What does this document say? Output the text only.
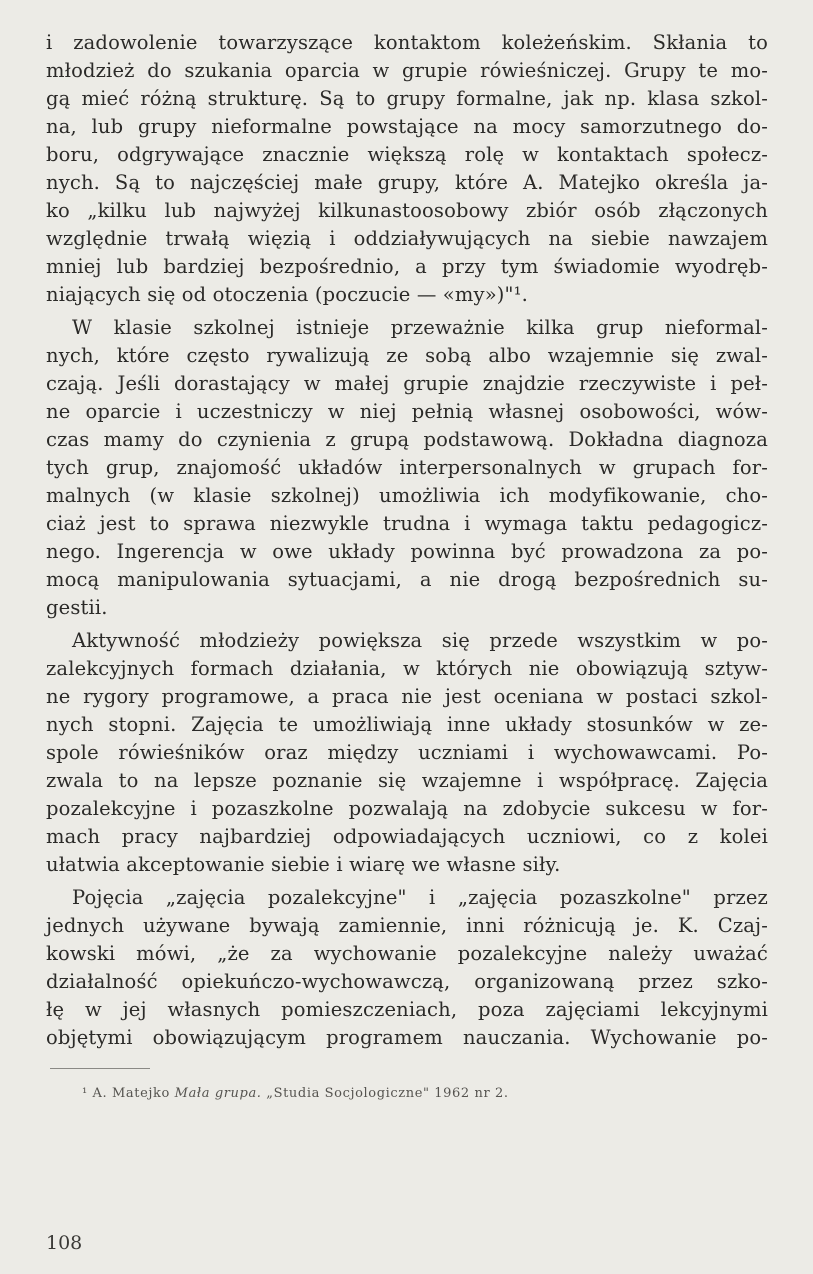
i zadowolenie towarzyszące kontaktom koleżeńskim. Skłania to
młodzież do szukania oparcia w grupie rówieśniczej. Grupy te mo-
gą mieć różną strukturę. Są to grupy formalne, jak np. klasa szkol-
na, lub grupy nieformalne powstające na mocy samorzutnego do-
boru, odgrywające znacznie większą rolę w kontaktach społecz-
nych. Są to najczęściej małe grupy, które A. Matejko określa ja-
ko „kilku lub najwyżej kilkunastoosobowy zbiór osób złączonych
względnie trwałą więzią i oddziaływujących na siebie nawzajem
mniej lub bardziej bezpośrednio, a przy tym świadomie wyodręb-
niających się od otoczenia (poczucie — «my»)"¹.
W klasie szkolnej istnieje przeważnie kilka grup nieformal-
nych, które często rywalizują ze sobą albo wzajemnie się zwal-
czają. Jeśli dorastający w małej grupie znajdzie rzeczywiste i peł-
ne oparcie i uczestniczy w niej pełnią własnej osobowości, wów-
czas mamy do czynienia z grupą podstawową. Dokładna diagnoza
tych grup, znajomość układów interpersonalnych w grupach for-
malnych (w klasie szkolnej) umożliwia ich modyfikowanie, cho-
ciaż jest to sprawa niezwykle trudna i wymaga taktu pedagogicz-
nego. Ingerencja w owe układy powinna być prowadzona za po-
mocą manipulowania sytuacjami, a nie drogą bezpośrednich su-
gestii.
Aktywność młodzieży powiększa się przede wszystkim w po-
zalekcyjnych formach działania, w których nie obowiązują sztyw-
ne rygory programowe, a praca nie jest oceniana w postaci szkol-
nych stopni. Zajęcia te umożliwiają inne układy stosunków w ze-
spole rówieśników oraz między uczniami i wychowawcami. Po-
zwala to na lepsze poznanie się wzajemne i współpracę. Zajęcia
pozalekcyjne i pozaszkolne pozwalają na zdobycie sukcesu w for-
mach pracy najbardziej odpowiadających uczniowi, co z kolei
ułatwia akceptowanie siebie i wiarę we własne siły.
Pojęcia „zajęcia pozalekcyjne" i „zajęcia pozaszkolne" przez
jednych używane bywają zamiennie, inni różnicują je. K. Czaj-
kowski mówi, „że za wychowanie pozalekcyjne należy uważać
działalność opiekuńczo-wychowawczą, organizowaną przez szko-
łę w jej własnych pomieszczeniach, poza zajęciami lekcyjnymi
objętymi obowiązującym programem nauczania. Wychowanie po-
¹ A. Matejko Mała grupa. „Studia Socjologiczne" 1962 nr 2.
108
